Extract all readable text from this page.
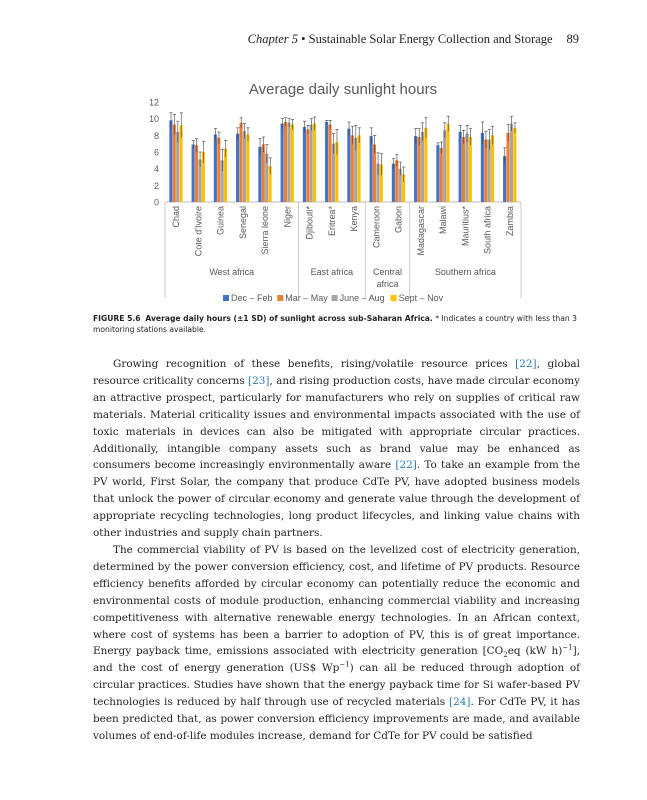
Chapter 5 • Sustainable Solar Energy Collection and Storage 89
Average daily sunlight hours
0
2
4
6
8
10
12
Chad Cote d'Ivoire Guinea Senegal Sierra leone Niger Djibouti* Eritrea* Kenya Cameroon Gabon Madagascar Malawi Mauritius* South africa Zambia
West africa	East africa Central
africa
Southern africa
Dec – Feb Mar – May June – Aug Sept – Nov
FIGURE 5.6 Average daily hours (±1 SD) of sunlight across sub-Saharan Africa. * Indicates a country with less than 3 monitoring stations available.

Growing recognition of these benefits, rising/volatile resource prices [22], global resource criticality concerns [23], and rising production costs, have made circular economy an attractive prospect, particularly for manufacturers who rely on supplies of critical raw materials. Material criticality issues and environmental impacts associated with the use of toxic materials in devices can also be mitigated with appropriate circular practices. Additionally, intangible company assets such as brand value may be enhanced as consumers become increasingly environmentally aware [22]. To take an example from the PV world, First Solar, the company that produce CdTe PV, have adopted business models that unlock the power of circular economy and generate value through the development of appropriate recycling technologies, long product lifecycles, and linking value chains with other industries and supply chain partners.

The commercial viability of PV is based on the levelized cost of electricity generation, determined by the power conversion efficiency, cost, and lifetime of PV products. Resource efficiency benefits afforded by circular economy can potentially reduce the economic and environmental costs of module production, enhancing commercial viability and increasing competitiveness with alternative renewable energy technologies. In an African context, where cost of systems has been a barrier to adoption of PV, this is of great importance. Energy payback time, emissions associated with electricity generation [$CO_2eq$ (kW h)$^{-1}$], and the cost of energy generation (US$ $Wp^{-1}$) can all be reduced through adoption of circular practices. Studies have shown that the energy payback time for Si wafer-based PV technologies is reduced by half through use of recycled materials [24]. For CdTe PV, it has been predicted that, as power conversion efficiency improvements are made, and available volumes of end-of-life modules increase, demand for CdTe for PV could be satisfied
